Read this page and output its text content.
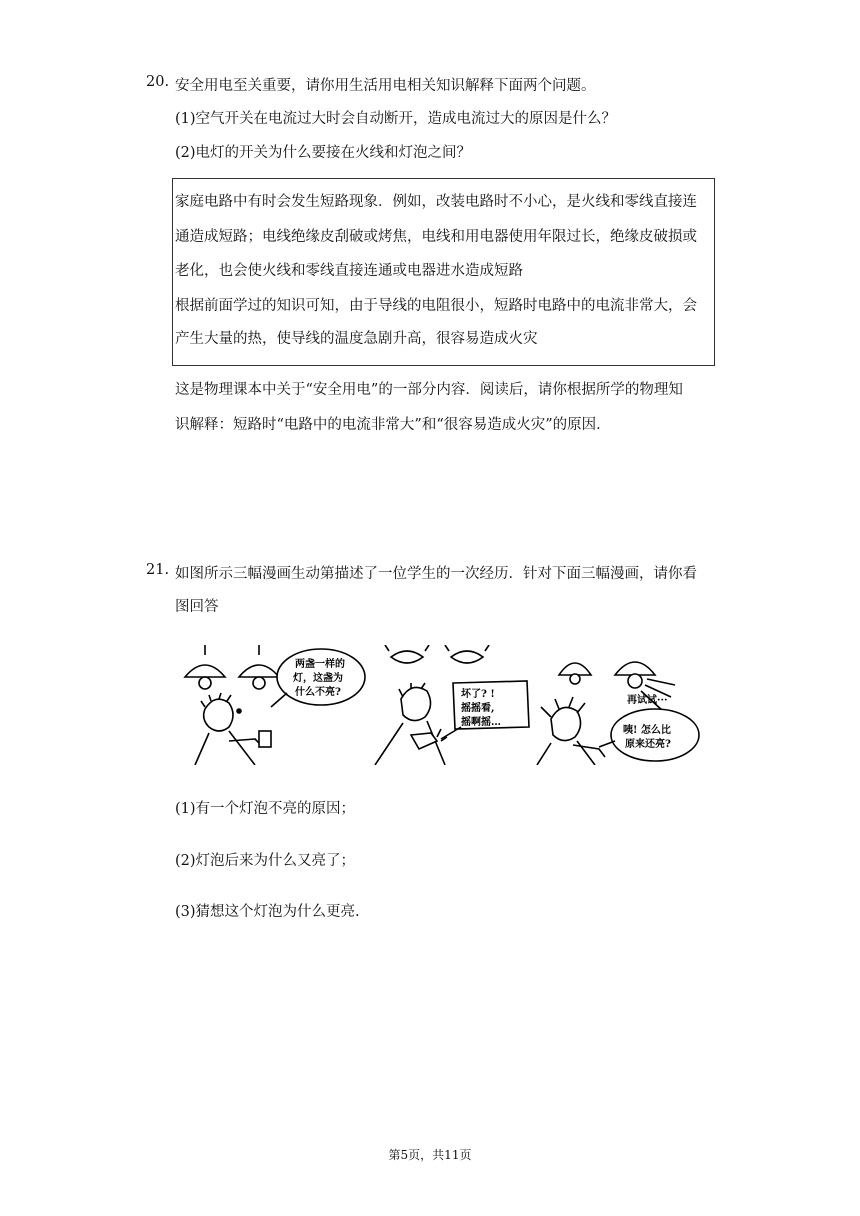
20. 安全用电至关重要，请你用生活用电相关知识解释下面两个问题。
(1)空气开关在电流过大时会自动断开，造成电流过大的原因是什么？
(2)电灯的开关为什么要接在火线和灯泡之间？
家庭电路中有时会发生短路现象．例如，改装电路时不小心，是火线和零线直接连
通造成短路；电线绝缘皮刮破或烤焦，电线和用电器使用年限过长，绝缘皮破损或
老化，也会使火线和零线直接连通或电器进水造成短路
根据前面学过的知识可知，由于导线的电阻很小，短路时电路中的电流非常大，会
产生大量的热，使导线的温度急剧升高，很容易造成火灾
这是物理课本中关于“安全用电”的一部分内容．阅读后，请你根据所学的物理知
识解释：短路时“电路中的电流非常大”和“很容易造成火灾”的原因．
21. 如图所示三幅漫画生动第描述了一位学生的一次经历．针对下面三幅漫画，请你看
图回答
两盏一样的
灯，这盏为
什么不亮?	坏了? !
摇摇看,
摇啊摇…
再试试···
咦! 怎么比
原来还亮?
(1)有一个灯泡不亮的原因；
(2)灯泡后来为什么又亮了；
(3)猜想这个灯泡为什么更亮.
第5页，共11页
